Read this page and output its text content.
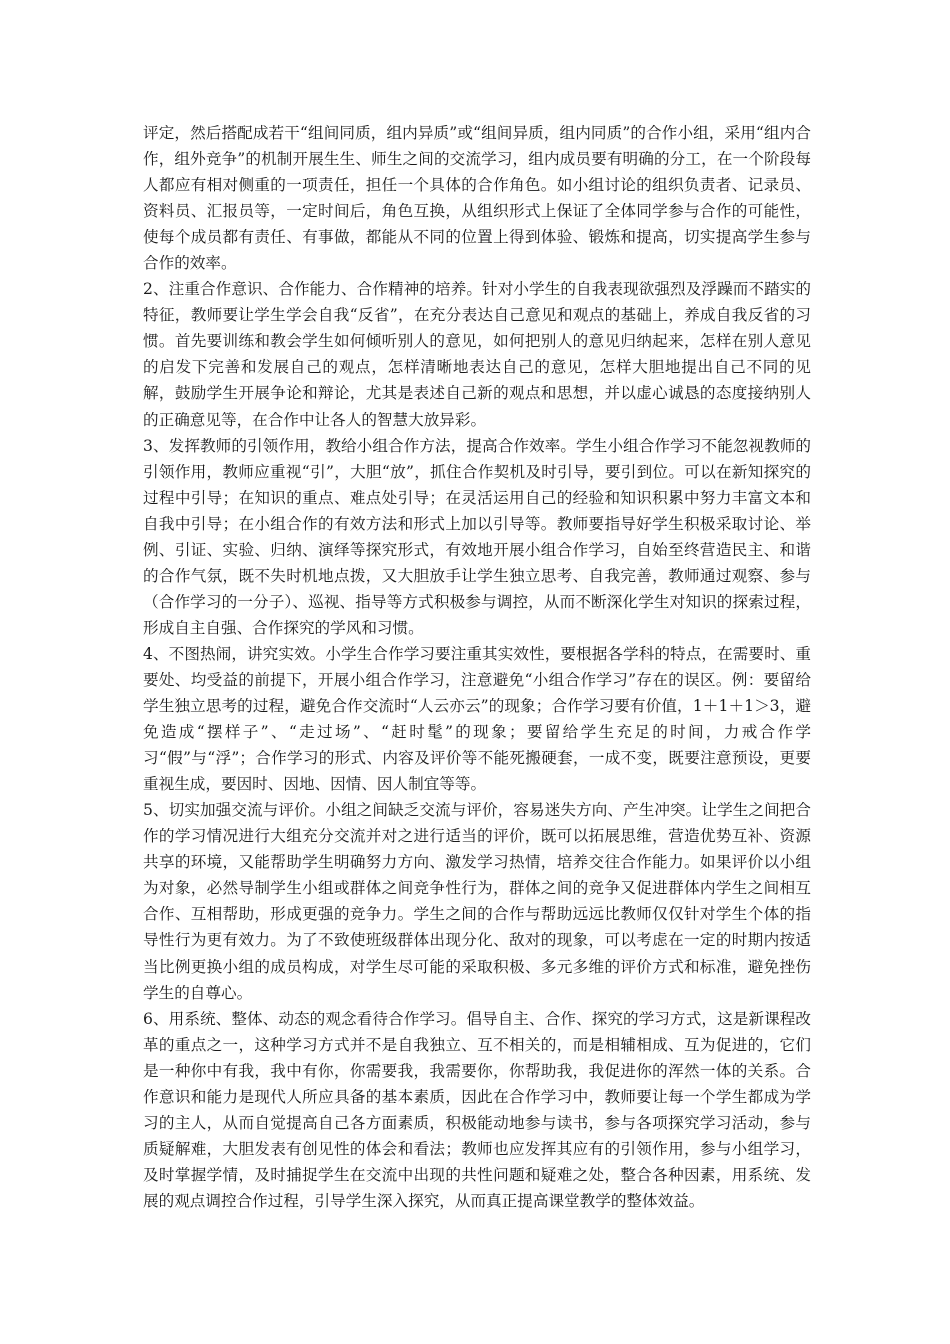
评定，然后搭配成若干“组间同质，组内异质”或“组间异质，组内同质”的合作小组，采用“组内合作，组外竞争”的机制开展生生、师生之间的交流学习，组内成员要有明确的分工，在一个阶段每人都应有相对侧重的一项责任，担任一个具体的合作角色。如小组讨论的组织负责者、记录员、资料员、汇报员等，一定时间后，角色互换，从组织形式上保证了全体同学参与合作的可能性，使每个成员都有责任、有事做，都能从不同的位置上得到体验、锻炼和提高，切实提高学生参与合作的效率。

2、注重合作意识、合作能力、合作精神的培养。针对小学生的自我表现欲强烈及浮躁而不踏实的特征，教师要让学生学会自我“反省”，在充分表达自己意见和观点的基础上，养成自我反省的习惯。首先要训练和教会学生如何倾听别人的意见，如何把别人的意见归纳起来，怎样在别人意见的启发下完善和发展自己的观点，怎样清晰地表达自己的意见，怎样大胆地提出自己不同的见解，鼓励学生开展争论和辩论，尤其是表述自己新的观点和思想，并以虚心诚恳的态度接纳别人的正确意见等，在合作中让各人的智慧大放异彩。

3、发挥教师的引领作用，教给小组合作方法，提高合作效率。学生小组合作学习不能忽视教师的引领作用，教师应重视“引”，大胆“放”，抓住合作契机及时引导，要引到位。可以在新知探究的过程中引导；在知识的重点、难点处引导；在灵活运用自己的经验和知识积累中努力丰富文本和自我中引导；在小组合作的有效方法和形式上加以引导等。教师要指导好学生积极采取讨论、举例、引证、实验、归纳、演绎等探究形式，有效地开展小组合作学习，自始至终营造民主、和谐的合作气氛，既不失时机地点拨，又大胆放手让学生独立思考、自我完善，教师通过观察、参与（合作学习的一分子）、巡视、指导等方式积极参与调控，从而不断深化学生对知识的探索过程，形成自主自强、合作探究的学风和习惯。

4、不图热闹，讲究实效。小学生合作学习要注重其实效性，要根据各学科的特点，在需要时、重要处、均受益的前提下，开展小组合作学习，注意避免“小组合作学习”存在的误区。例：要留给学生独立思考的过程，避免合作交流时“人云亦云”的现象；合作学习要有价值，1＋1＋1＞3，避免造成“摆样子”、“走过场”、“赶时髦”的现象；要留给学生充足的时间，力戒合作学习“假”与“浮”；合作学习的形式、内容及评价等不能死搬硬套，一成不变，既要注意预设，更要重视生成，要因时、因地、因情、因人制宜等等。

5、切实加强交流与评价。小组之间缺乏交流与评价，容易迷失方向、产生冲突。让学生之间把合作的学习情况进行大组充分交流并对之进行适当的评价，既可以拓展思维，营造优势互补、资源共享的环境，又能帮助学生明确努力方向、激发学习热情，培养交往合作能力。如果评价以小组为对象，必然导制学生小组或群体之间竞争性行为，群体之间的竞争又促进群体内学生之间相互合作、互相帮助，形成更强的竞争力。学生之间的合作与帮助远远比教师仅仅针对学生个体的指导性行为更有效力。为了不致使班级群体出现分化、敌对的现象，可以考虑在一定的时期内按适当比例更换小组的成员构成，对学生尽可能的采取积极、多元多维的评价方式和标准，避免挫伤学生的自尊心。

6、用系统、整体、动态的观念看待合作学习。倡导自主、合作、探究的学习方式，这是新课程改革的重点之一，这种学习方式并不是自我独立、互不相关的，而是相辅相成、互为促进的，它们是一种你中有我，我中有你，你需要我，我需要你，你帮助我，我促进你的浑然一体的关系。合作意识和能力是现代人所应具备的基本素质，因此在合作学习中，教师要让每一个学生都成为学习的主人，从而自觉提高自己各方面素质，积极能动地参与读书，参与各项探究学习活动，参与质疑解难，大胆发表有创见性的体会和看法；教师也应发挥其应有的引领作用，参与小组学习，及时掌握学情，及时捕捉学生在交流中出现的共性问题和疑难之处，整合各种因素，用系统、发展的观点调控合作过程，引导学生深入探究，从而真正提高课堂教学的整体效益。
